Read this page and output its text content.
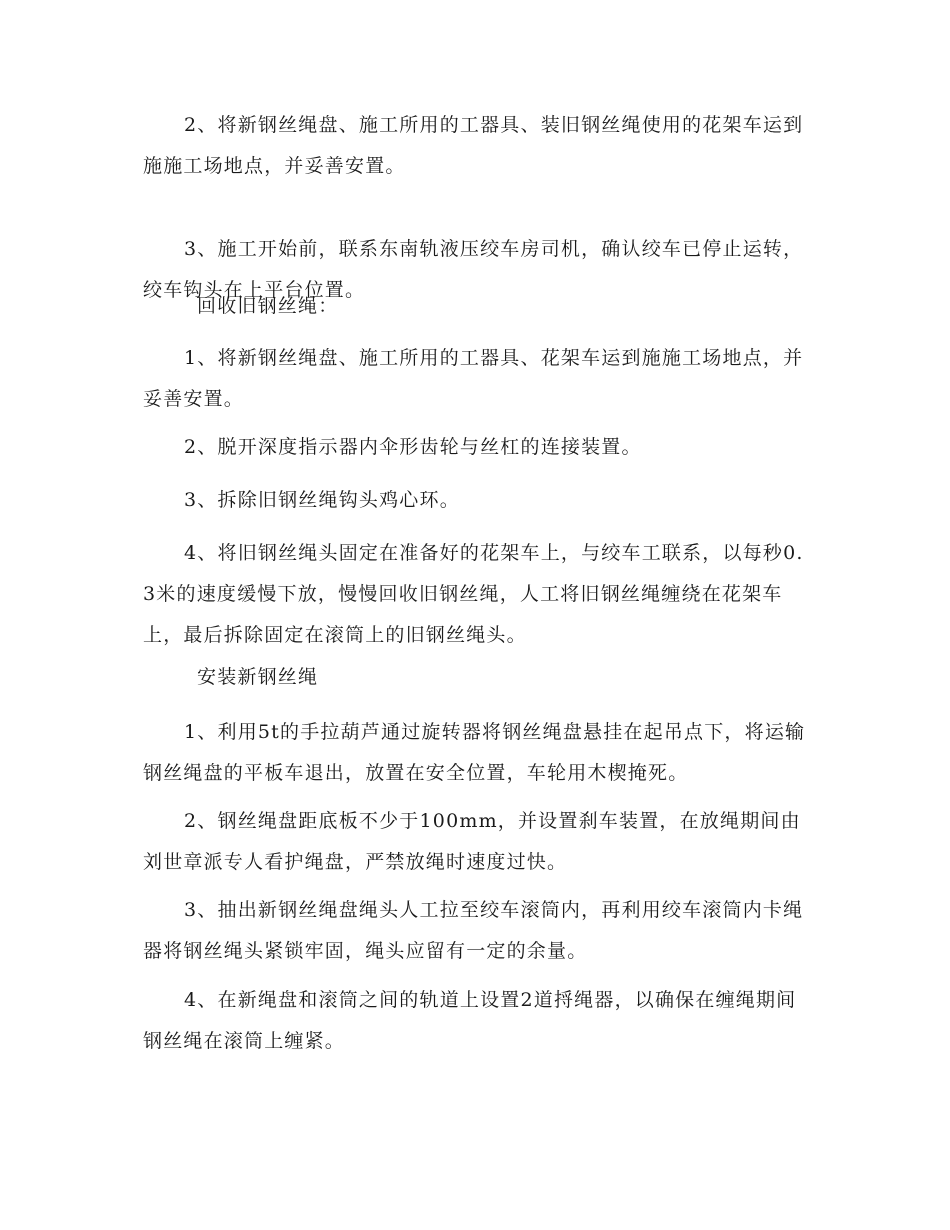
2、将新钢丝绳盘、施工所用的工器具、装旧钢丝绳使用的花架车运到施施工场地点，并妥善安置。

3、施工开始前，联系东南轨液压绞车房司机，确认绞车已停止运转，绞车钩头在上平台位置。

回收旧钢丝绳：

1、将新钢丝绳盘、施工所用的工器具、花架车运到施施工场地点，并妥善安置。

2、脱开深度指示器内伞形齿轮与丝杠的连接装置。

3、拆除旧钢丝绳钩头鸡心环。

4、将旧钢丝绳头固定在准备好的花架车上，与绞车工联系，以每秒0.3米的速度缓慢下放，慢慢回收旧钢丝绳，人工将旧钢丝绳缠绕在花架车上，最后拆除固定在滚筒上的旧钢丝绳头。

安装新钢丝绳

1、利用5t的手拉葫芦通过旋转器将钢丝绳盘悬挂在起吊点下，将运输钢丝绳盘的平板车退出，放置在安全位置，车轮用木楔掩死。

2、钢丝绳盘距底板不少于100mm，并设置刹车装置，在放绳期间由刘世章派专人看护绳盘，严禁放绳时速度过快。

3、抽出新钢丝绳盘绳头人工拉至绞车滚筒内，再利用绞车滚筒内卡绳器将钢丝绳头紧锁牢固，绳头应留有一定的余量。

4、在新绳盘和滚筒之间的轨道上设置2道捋绳器，以确保在缠绳期间钢丝绳在滚筒上缠紧。
